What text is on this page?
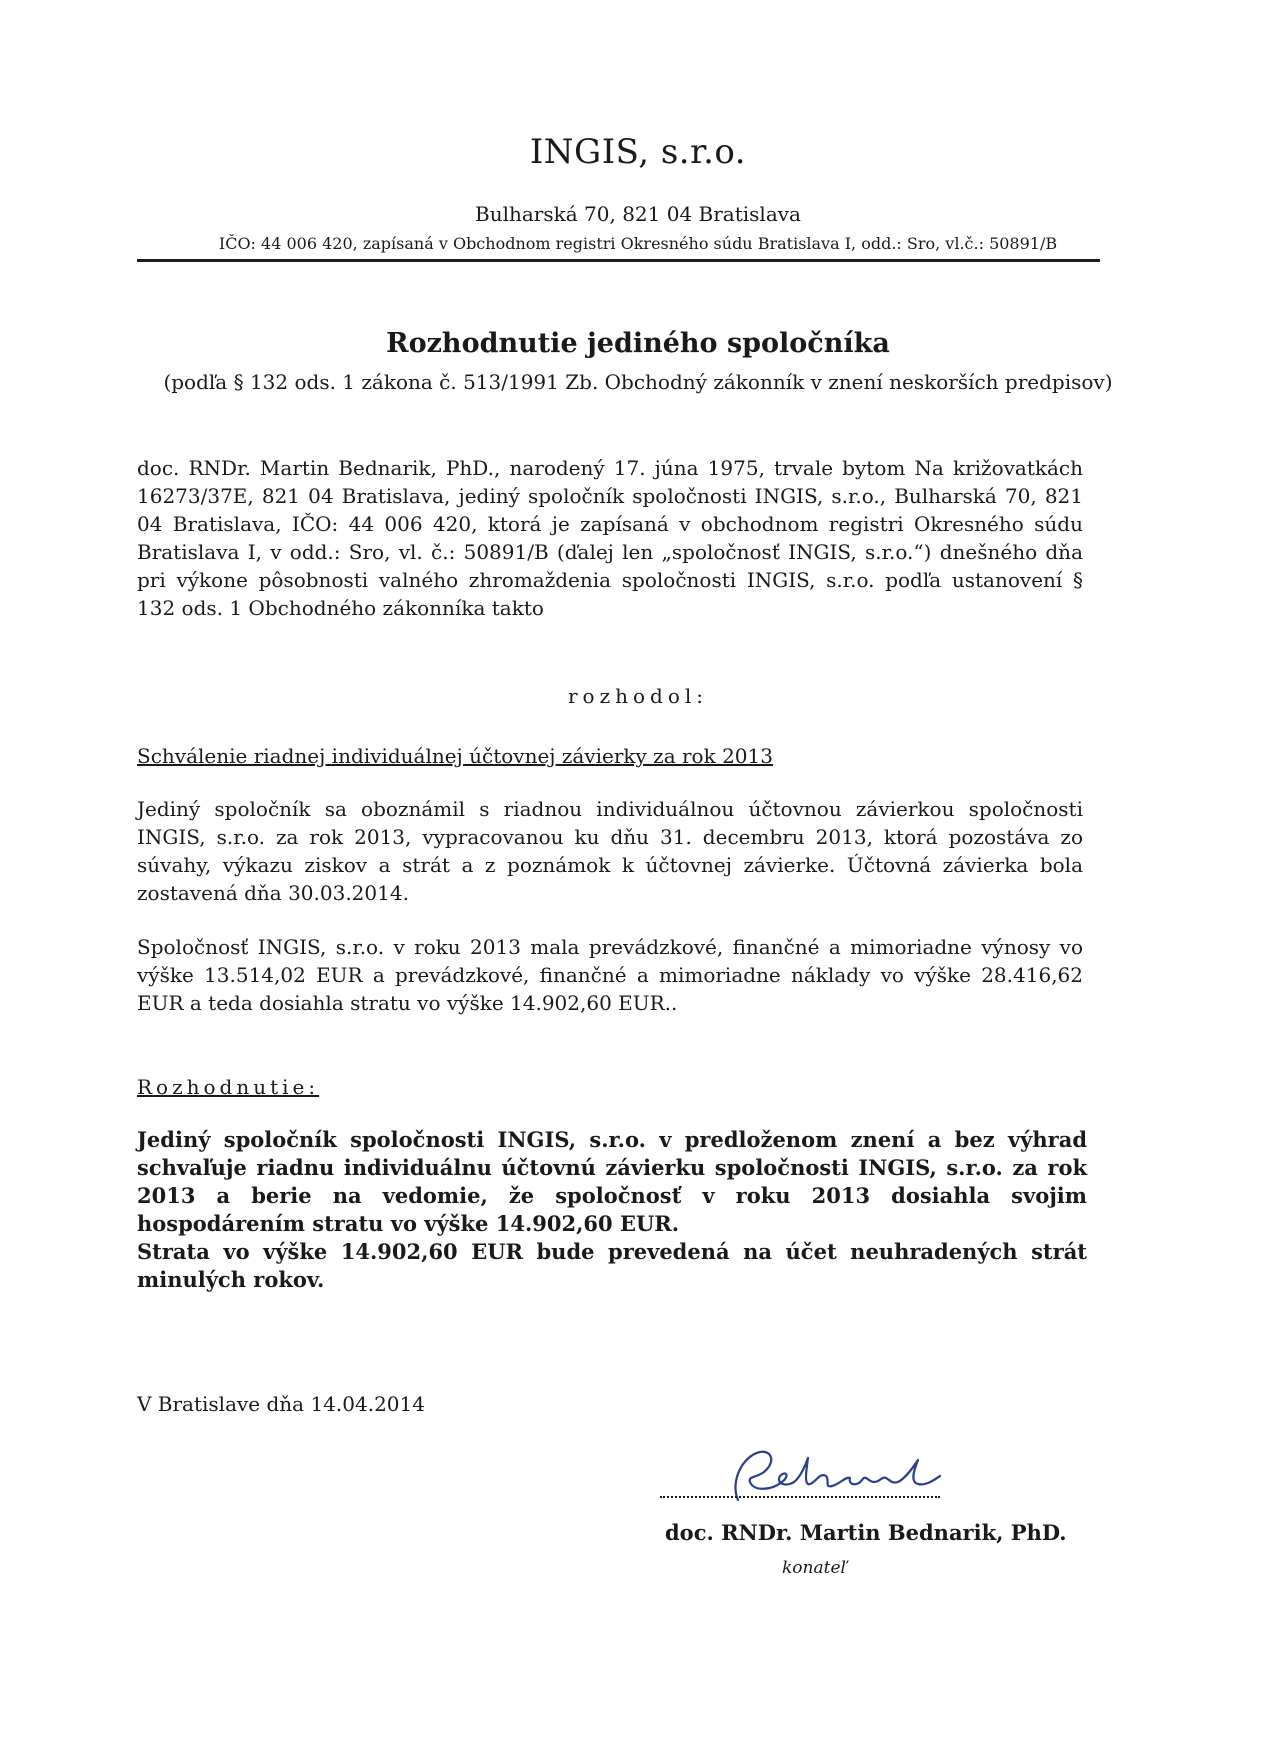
INGIS, s.r.o.
Bulharská 70, 821 04 Bratislava
IČO: 44 006 420, zapísaná v Obchodnom registri Okresného súdu Bratislava I, odd.: Sro, vl.č.: 50891/B
Rozhodnutie jediného spoločníka
(podľa § 132 ods. 1 zákona č. 513/1991 Zb. Obchodný zákonník v znení neskorších predpisov)
doc. RNDr. Martin Bednarik, PhD., narodený 17. júna 1975, trvale bytom Na križovatkách 16273/37E, 821 04 Bratislava, jediný spoločník spoločnosti INGIS, s.r.o., Bulharská 70, 821 04 Bratislava, IČO: 44 006 420, ktorá je zapísaná v obchodnom registri Okresného súdu Bratislava I, v odd.: Sro, vl. č.: 50891/B (ďalej len „spoločnosť INGIS, s.r.o.“) dnešného dňa pri výkone pôsobnosti valného zhromaždenia spoločnosti INGIS, s.r.o. podľa ustanovení § 132 ods. 1 Obchodného zákonníka takto
rozhodol:
Schválenie riadnej individuálnej účtovnej závierky za rok 2013
Jediný spoločník sa oboznámil s riadnou individuálnou účtovnou závierkou spoločnosti INGIS, s.r.o. za rok 2013, vypracovanou ku dňu 31. decembru 2013, ktorá pozostáva zo súvahy, výkazu ziskov a strát a z poznámok k účtovnej závierke. Účtovná závierka bola zostavená dňa 30.03.2014.
Spoločnosť INGIS, s.r.o. v roku 2013 mala prevádzkové, finančné a mimoriadne výnosy vo výške 13.514,02 EUR a prevádzkové, finančné a mimoriadne náklady vo výške 28.416,62 EUR a teda dosiahla stratu vo výške 14.902,60 EUR..
Rozhodnutie:
Jediný spoločník spoločnosti INGIS, s.r.o. v predloženom znení a bez výhrad schvaľuje riadnu individuálnu účtovnú závierku spoločnosti INGIS, s.r.o. za rok 2013 a berie na vedomie, že spoločnosť v roku 2013 dosiahla svojim hospodárením stratu vo výške 14.902,60 EUR.
Strata vo výške 14.902,60 EUR bude prevedená na účet neuhradených strát minulých rokov.
V Bratislave dňa 14.04.2014
doc. RNDr. Martin Bednarik, PhD.
konateľ
